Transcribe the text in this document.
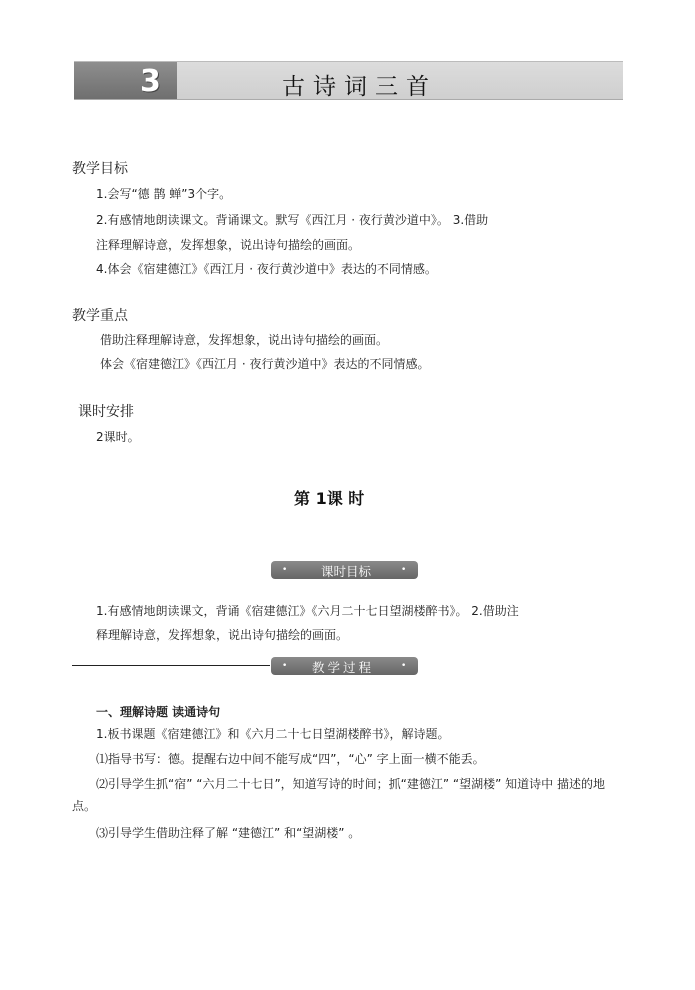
3	古诗词三首
教学目标
1.会写“德 鹊 蝉”3个字。
2.有感情地朗读课文。背诵课文。默写《西江月 · 夜行黄沙道中》。 3.借助
注释理解诗意，发挥想象，说出诗句描绘的画面。
4.体会《宿建德江》《西江月 · 夜行黄沙道中》表达的不同情感。
教学重点
借助注释理解诗意，发挥想象，说出诗句描绘的画面。
体会《宿建德江》《西江月 · 夜行黄沙道中》表达的不同情感。
课时安排
2课时。
第 1课 时
•	课时目标	•
1.有感情地朗读课文，背诵《宿建德江》《六月二十七日望湖楼醉书》。 2.借助注
释理解诗意，发挥想象，说出诗句描绘的画面。
• 教学过程	•
一、理解诗题 读通诗句
1.板书课题《宿建德江》和《六月二十七日望湖楼醉书》，解诗题。
⑴指导书写：德。提醒右边中间不能写成“四”，“心” 字上面一横不能丢。
⑵引导学生抓“宿” “六月二十七日”，知道写诗的时间；抓“建德江” “望湖楼” 知道诗中 描述的地
点。
⑶引导学生借助注释了解 “建德江” 和“望湖楼” 。
